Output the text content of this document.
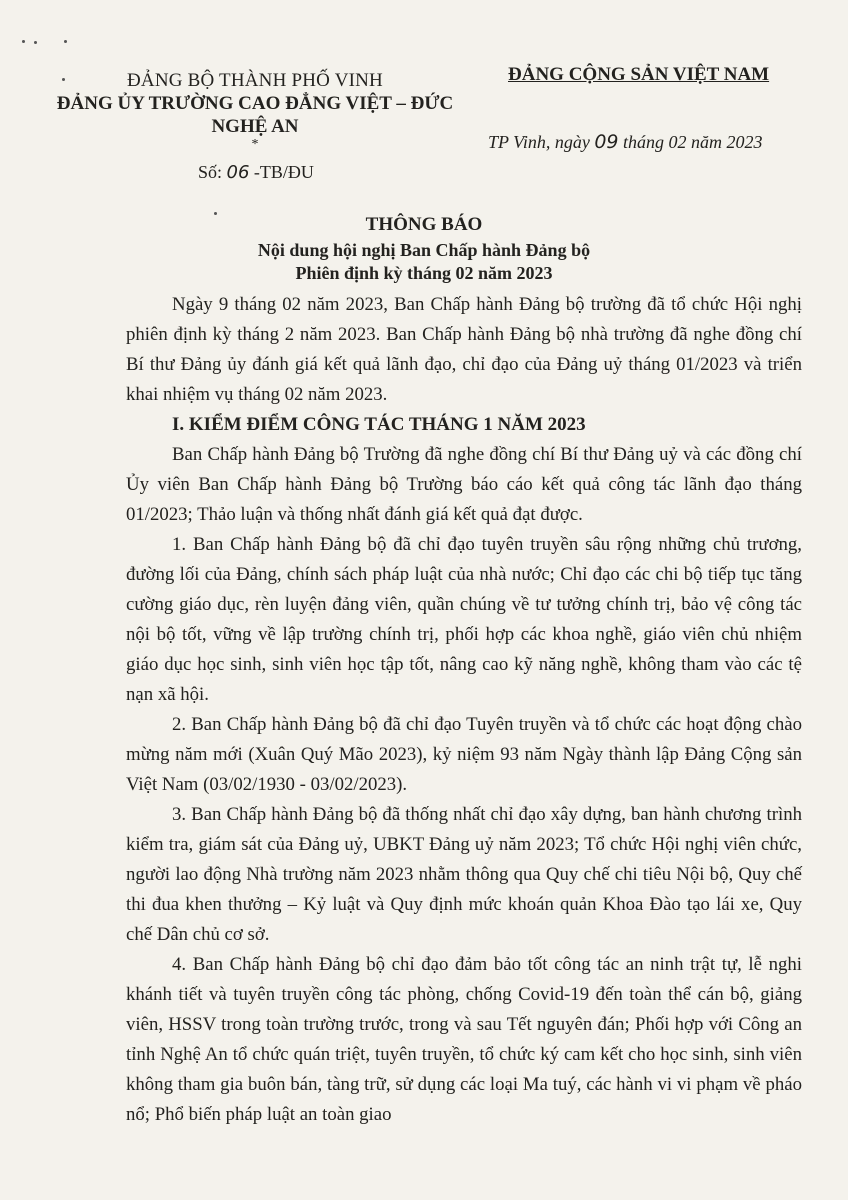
ĐẢNG BỘ THÀNH PHỐ VINH
ĐẢNG ỦY TRƯỜNG CAO ĐẲNG VIỆT – ĐỨC
NGHỆ AN
*
Số: 06 -TB/ĐU
ĐẢNG CỘNG SẢN VIỆT NAM
TP Vinh, ngày 09 tháng 02 năm 2023
THÔNG BÁO
Nội dung hội nghị Ban Chấp hành Đảng bộ
Phiên định kỳ tháng 02 năm 2023

Ngày 9 tháng 02 năm 2023, Ban Chấp hành Đảng bộ trường đã tổ chức Hội nghị phiên định kỳ tháng 2 năm 2023. Ban Chấp hành Đảng bộ nhà trường đã nghe đồng chí Bí thư Đảng ủy đánh giá kết quả lãnh đạo, chỉ đạo của Đảng uỷ tháng 01/2023 và triển khai nhiệm vụ tháng 02 năm 2023.

I. KIỂM ĐIỂM CÔNG TÁC THÁNG 1 NĂM 2023

Ban Chấp hành Đảng bộ Trường đã nghe đồng chí Bí thư Đảng uỷ và các đồng chí Ủy viên Ban Chấp hành Đảng bộ Trường báo cáo kết quả công tác lãnh đạo tháng 01/2023; Thảo luận và thống nhất đánh giá kết quả đạt được.

1. Ban Chấp hành Đảng bộ đã chỉ đạo tuyên truyền sâu rộng những chủ trương, đường lối của Đảng, chính sách pháp luật của nhà nước; Chỉ đạo các chi bộ tiếp tục tăng cường giáo dục, rèn luyện đảng viên, quần chúng về tư tưởng chính trị, bảo vệ công tác nội bộ tốt, vững về lập trường chính trị, phối hợp các khoa nghề, giáo viên chủ nhiệm giáo dục học sinh, sinh viên học tập tốt, nâng cao kỹ năng nghề, không tham vào các tệ nạn xã hội.

2. Ban Chấp hành Đảng bộ đã chỉ đạo Tuyên truyền và tổ chức các hoạt động chào mừng năm mới (Xuân Quý Mão 2023), kỷ niệm 93 năm Ngày thành lập Đảng Cộng sản Việt Nam (03/02/1930 - 03/02/2023).

3. Ban Chấp hành Đảng bộ đã thống nhất chỉ đạo xây dựng, ban hành chương trình kiểm tra, giám sát của Đảng uỷ, UBKT Đảng uỷ năm 2023; Tổ chức Hội nghị viên chức, người lao động Nhà trường năm 2023 nhằm thông qua Quy chế chi tiêu Nội bộ, Quy chế thi đua khen thưởng – Kỷ luật và Quy định mức khoán quản Khoa Đào tạo lái xe, Quy chế Dân chủ cơ sở.

4. Ban Chấp hành Đảng bộ chỉ đạo đảm bảo tốt công tác an ninh trật tự, lễ nghi khánh tiết và tuyên truyền công tác phòng, chống Covid-19 đến toàn thể cán bộ, giảng viên, HSSV trong toàn trường trước, trong và sau Tết nguyên đán; Phối hợp với Công an tỉnh Nghệ An tổ chức quán triệt, tuyên truyền, tổ chức ký cam kết cho học sinh, sinh viên không tham gia buôn bán, tàng trữ, sử dụng các loại Ma tuý, các hành vi vi phạm về pháo nổ; Phổ biến pháp luật an toàn giao
